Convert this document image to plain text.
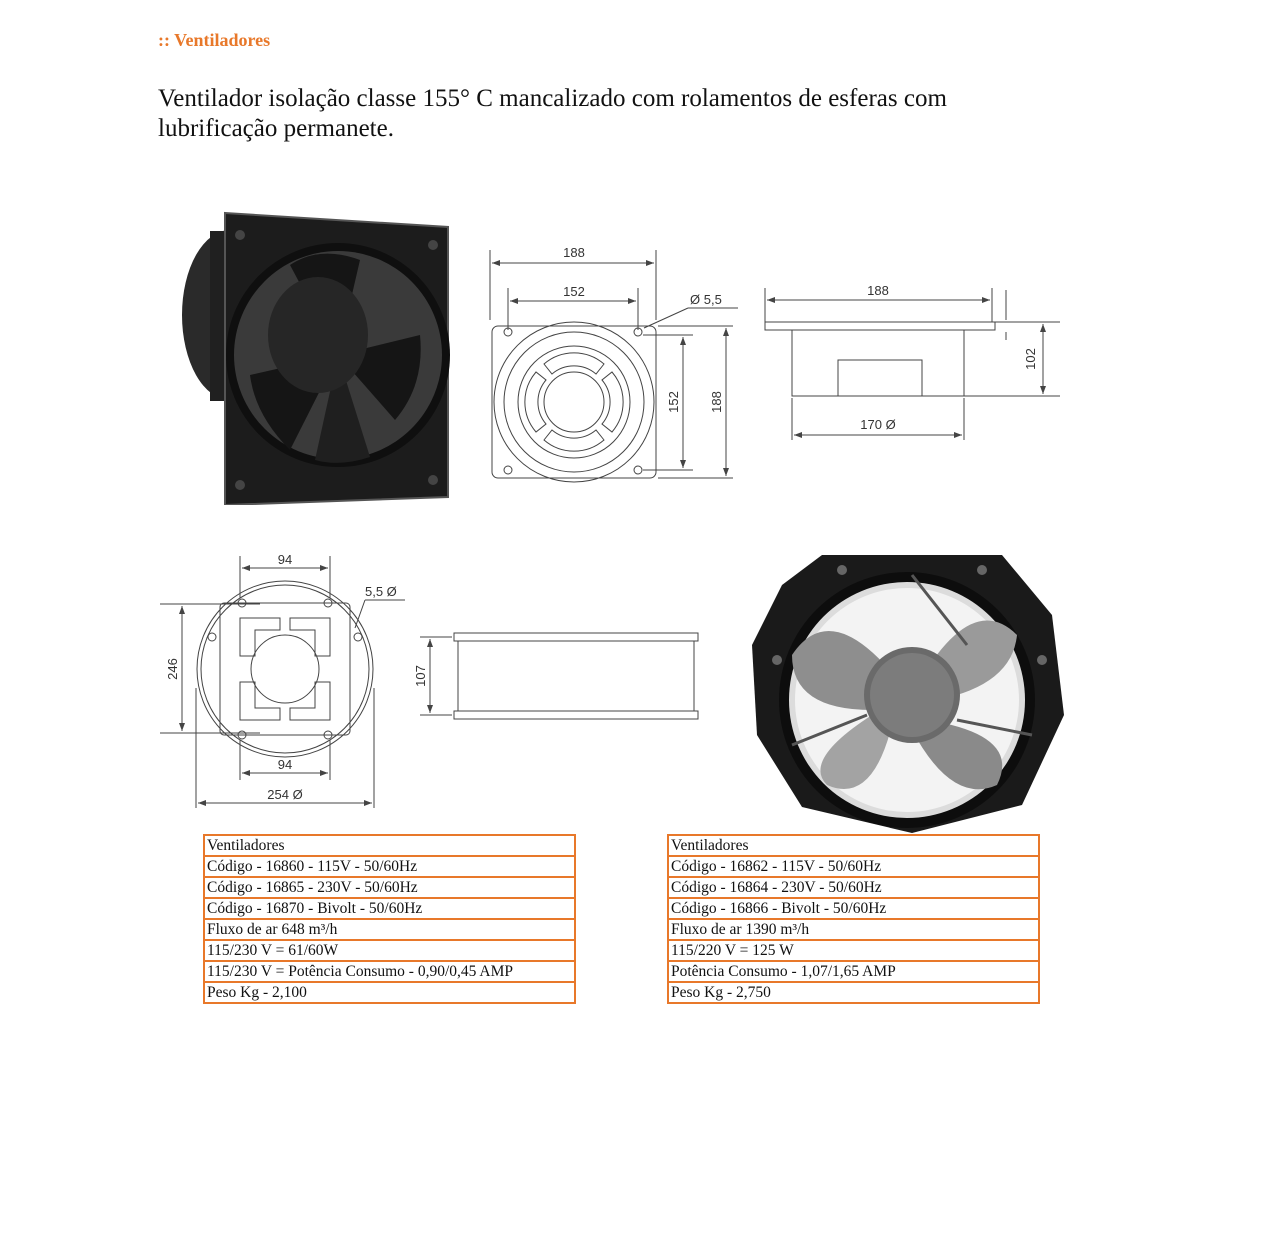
:: Ventiladores
Ventilador isolação classe 155° C mancalizado com rolamentos de esferas com lubrificação permanete.
188
152
Ø 5,5
152 188
188
102
170 Ø
94
5,5 Ø
246
94
254 Ø
107
Ventiladores
Código - 16860 - 115V - 50/60Hz
Código - 16865 - 230V - 50/60Hz
Código - 16870 - Bivolt - 50/60Hz
Fluxo de ar 648 m³/h
115/230 V = 61/60W
115/230 V = Potência Consumo - 0,90/0,45 AMP
Peso Kg - 2,100
Ventiladores
Código - 16862 - 115V - 50/60Hz
Código - 16864 - 230V - 50/60Hz
Código - 16866 - Bivolt - 50/60Hz
Fluxo de ar 1390 m³/h
115/220 V = 125 W
Potência Consumo - 1,07/1,65 AMP
Peso Kg - 2,750
